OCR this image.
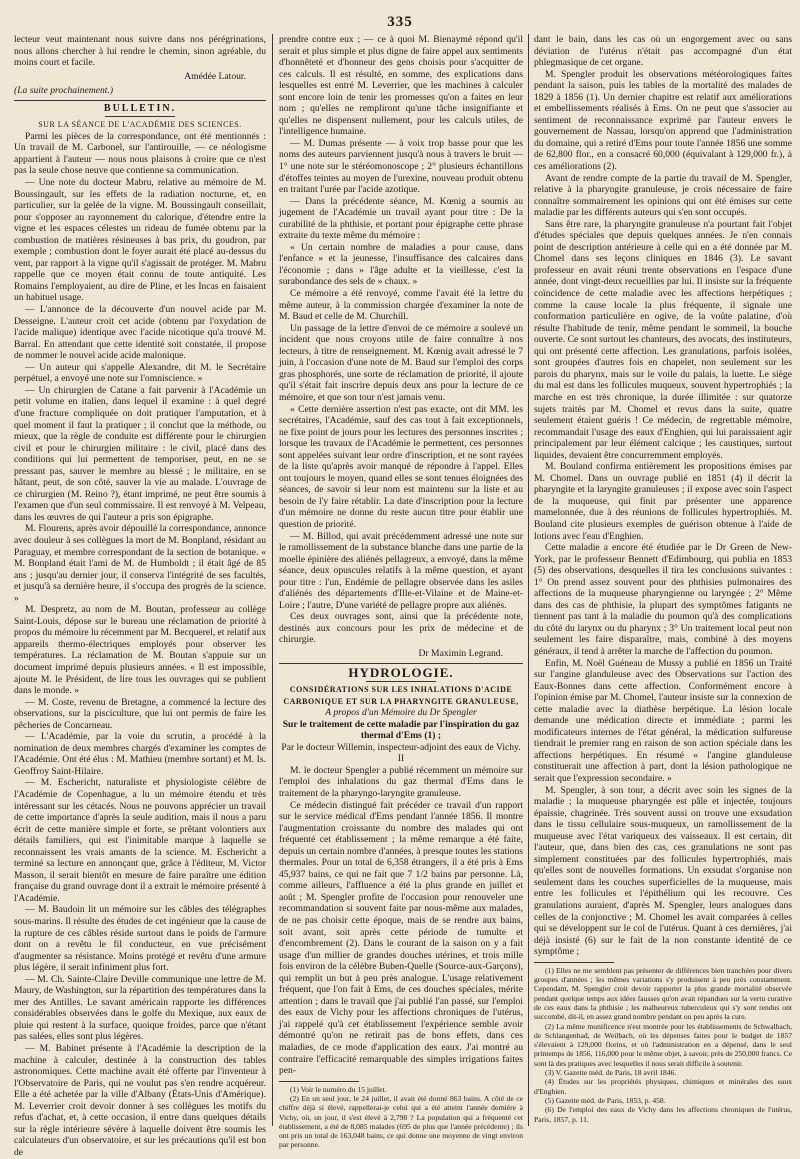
335

lecteur veut maintenant nous suivre dans nos pérégrinations, nous allons chercher à lui rendre le chemin, sinon agréable, du moins court et facile.

Amédée Latour.

(La suite prochainement.)

BULLETIN.

SUR LA SÉANCE DE L'ACADÉMIE DES SCIENCES.

Parmi les pièces de la correspondance, ont été mentionnés : Un travail de M. Carbonel, sur l'antirouille, — ce néologisme appartient à l'auteur — nous nous plaisons à croire que ce n'est pas la seule chose neuve que contienne sa communication.

— Une note du docteur Mabru, relative au mémoire de M. Boussingault, sur les effets de la radiation nocturne, et, en particulier, sur la gelée de la vigne. M. Boussingault conseillait, pour s'opposer au rayonnement du calorique, d'étendre entre la vigne et les espaces célestes un rideau de fumée obtenu par la combustion de matières résineuses à bas prix, du goudron, par exemple ; combustion dont le foyer aurait été placé au-dessus du vent, par rapport à la vigne qu'il s'agissait de protéger. M. Mabru rappelle que ce moyen était connu de toute antiquité. Les Romains l'employaient, au dire de Pline, et les Incas en faisaient un habituel usage.

— L'annonce de la découverte d'un nouvel acide par M. Desseigne. L'auteur croit cet acide (obtenu par l'oxydation de l'acide malique) identique avec l'acide nicotique qu'a trouvé M. Barral. En attendant que cette identité soit constatée, il propose de nommer le nouvel acide acide malonique.

— Un auteur qui s'appelle Alexandre, dit M. le Secrétaire perpétuel, a envoyé une note sur l'omniscience. »

— Un chirurgien de Catane a fait parvenir à l'Académie un petit volume en italien, dans lequel il examine : à quel degré d'une fracture compliquée on doit pratiquer l'amputation, et à quel moment il faut la pratiquer ; il conclut que la méthode, ou mieux, que la règle de conduite est différente pour le chirurgien civil et pour le chirurgien militaire : le civil, placé dans des conditions qui lui permettent de temporiser, peut, en ne se pressant pas, sauver le membre au blessé ; le militaire, en se hâtant, peut, de son côté, sauver la vie au malade. L'ouvrage de ce chirurgien (M. Reino ?), étant imprimé, ne peut être soumis à l'examen que d'un seul commissaire. Il est renvoyé à M. Velpeau, dans les œuvres de qui l'auteur a pris son épigraphe.

M. Flourens, après avoir dépouillé la correspondance, annonce avec douleur à ses collègues la mort de M. Bonpland, résidant au Paraguay, et membre correspondant de la section de botanique. « M. Bonpland était l'ami de M. de Humboldt ; il était âgé de 85 ans ; jusqu'au dernier jour, il conserva l'intégrité de ses facultés, et jusqu'à sa dernière heure, il s'occupa des progrès de la science. »

M. Despretz, au nom de M. Boutan, professeur au collège Saint-Louis, dépose sur le bureau une réclamation de priorité à propos du mémoire lu récemment par M. Becquerel, et relatif aux appareils thermo-électriques employés pour observer les températures. La réclamation de M. Boutan s'appuie sur un document imprimé depuis plusieurs années. « Il est impossible, ajoute M. le Président, de lire tous les ouvrages qui se publient dans le monde. »

— M. Coste, revenu de Bretagne, a commencé la lecture des observations, sur la pisciculture, que lui ont permis de faire les pêcheries de Concarneau.

— L'Académie, par la voie du scrutin, a procédé à la nomination de deux membres chargés d'examiner les comptes de l'Académie. Ont été élus : M. Mathieu (membre sortant) et M. Is. Geoffroy Saint-Hilaire.

— M. Eschericht, naturaliste et physiologiste célèbre de l'Académie de Copenhague, a lu un mémoire étendu et très intéressant sur les cétacés. Nous ne pouvons apprécier un travail de cette importance d'après la seule audition, mais il nous a paru écrit de cette manière simple et forte, se prêtant volontiers aux détails familiers, qui est l'inimitable marque à laquelle se reconnaissent les vrais amants de la science. M. Eschericht a terminé sa lecture en annonçant que, grâce à l'éditeur, M. Victor Masson, il serait bientôt en mesure de faire paraître une édition française du grand ouvrage dont il a extrait le mémoire présenté à l'Académie.

— M. Baudoin lit un mémoire sur les câbles des télégraphes sous-marins. Il résulte des études de cet ingénieur que la cause de la rupture de ces câbles réside surtout dans le poids de l'armure dont on a revêtu le fil conducteur, en vue précisément d'augmenter sa résistance. Moins protégé et revêtu d'une armure plus légère, il serait infiniment plus fort.

— M. Ch. Sainte-Claire Deville communique une lettre de M. Maury, de Washington, sur la répartition des températures dans la mer des Antilles. Le savant américain rapporte les différences considérables observées dans le golfe du Mexique, aux eaux de pluie qui restent à la surface, quoique froides, parce que n'étant pas salées, elles sont plus légères.

— M. Babinet présente à l'Académie la description de la machine à calculer, destinée à la construction des tables astronomiques. Cette machine avait été offerte par l'inventeur à l'Observatoire de Paris, qui ne voulut pas s'en rendre acquéreur. Elle a été achetée par la ville d'Albany (États-Unis d'Amérique). M. Leverrier croit devoir donner à ses collègues les motifs du refus d'achat, et, à cette occasion, il entre dans quelques détails sur la règle intérieure sévère à laquelle doivent être soumis les calculateurs d'un observatoire, et sur les précautions qu'il est bon de

prendre contre eux ; — ce à quoi M. Bienaymé répond qu'il serait et plus simple et plus digne de faire appel aux sentiments d'honnêteté et d'honneur des gens choisis pour s'acquitter de ces calculs. Il est résulté, en somme, des explications dans lesquelles est entré M. Leverrier, que les machines à calculer sont encore loin de tenir les promesses qu'on a faites en leur nom ; qu'elles ne rempliront qu'une tâche insignifiante et qu'elles ne dispensent nullement, pour les calculs utiles, de l'intelligence humaine.

— M. Dumas présente — à voix trop basse pour que les noms des auteurs parviennent jusqu'à nous à travers le bruit — 1° une note sur le stéréomonoscope ; 2° plusieurs échantillons d'étoffes teintes au moyen de l'urexine, nouveau produit obtenu en traitant l'urée par l'acide azotique.

— Dans la précédente séance, M. Kœnig a soumis au jugement de l'Académie un travail ayant pour titre : De la curabilité de la phthisie, et portant pour épigraphe cette phrase extraite du texte même du mémoire :

« Un certain nombre de maladies a pour cause, dans l'enfance » et la jeunesse, l'insuffisance des calcaires dans l'économie ; dans » l'âge adulte et la vieillesse, c'est la surabondance des sels de » chaux. »

Ce mémoire a été renvoyé, comme l'avait été la lettre du même auteur, à la commission chargée d'examiner la note de M. Baud et celle de M. Churchill.

Un passage de la lettre d'envoi de ce mémoire a soulevé un incident que nous croyons utile de faire connaître à nos lecteurs, à titre de renseignement. M. Kœnig avait adressé le 7 juin, à l'occasion d'une note de M. Baud sur l'emploi des corps gras phosphorés, une sorte de réclamation de priorité, il ajoute qu'il s'était fait inscrire depuis deux ans pour la lecture de ce mémoire, et que son tour n'est jamais venu.

« Cette dernière assertion n'est pas exacte, ont dit MM. les secrétaires, l'Académie, sauf des cas tout à fait exceptionnels, ne fixe point de jours pour les lectures des personnes inscrites ; lorsque les travaux de l'Académie le permettent, ces personnes sont appelées suivant leur ordre d'inscription, et ne sont rayées de la liste qu'après avoir manqué de répondre à l'appel. Elles ont toujours le moyen, quand elles se sont tenues éloignées des séances, de savoir si leur nom est maintenu sur la liste et au besoin de l'y faire rétablir. La date d'inscription pour la lecture d'un mémoire ne donne du reste aucun titre pour établir une question de priorité.

— M. Billod, qui avait précédemment adressé une note sur le ramollissement de la substance blanche dans une partie de la moelle épinière des aliénés pellagreux, a envoyé, dans la même séance, deux opuscules relatifs à la même question, et ayant pour titre : l'un, Endémie de pellagre observée dans les asiles d'aliénés des départements d'Ille-et-Vilaine et de Maine-et-Loire ; l'autre, D'une variété de pellagre propre aux aliénés.

Ces deux ouvrages sont, ainsi que la précédente note, destinés aux concours pour les prix de médecine et de chirurgie.

Dr Maximin Legrand.

HYDROLOGIE.

CONSIDÉRATIONS SUR LES INHALATIONS D'ACIDE CARBONIQUE ET SUR LA PHARYNGITE GRANULEUSE,

A propos d'un Mémoire du Dr Spengler

Sur le traitement de cette maladie par l'inspiration du gaz thermal d'Ems (1) ;

Par le docteur Willemin, inspecteur-adjoint des eaux de Vichy.

II

M. le docteur Spengler a publié récemment un mémoire sur l'emploi des inhalations du gaz thermal d'Ems dans le traitement de la pharyngo-laryngite granuleuse.

Ce médecin distingué fait précéder ce travail d'un rapport sur le service médical d'Ems pendant l'année 1856. Il montre l'augmentation croissante du nombre des malades qui ont fréquenté cet établissement ; la même remarque a été faite, depuis un certain nombre d'années, à presque toutes les stations thermales. Pour un total de 6,358 étrangers, il a été pris à Ems 45,937 bains, ce qui ne fait que 7 1/2 bains par personne. Là, comme ailleurs, l'affluence a été la plus grande en juillet et août ; M. Spengler profite de l'occasion pour renouveler une recommandation si souvent faite par nous-même aux malades, de ne pas choisir cette époque, mais de se rendre aux bains, soit avant, soit après cette période de tumulte et d'encombrement (2). Dans le courant de la saison on y a fait usage d'un millier de grandes douches utérines, et trois mille fois environ de la célèbre Buben-Quelle (Source-aux-Garçons), qui remplit un but à peu près analogue. L'usage relativement fréquent, que l'on fait à Ems, de ces douches spéciales, mérite attention ; dans le travail que j'ai publié l'an passé, sur l'emploi des eaux de Vichy pour les affections chroniques de l'utérus, j'ai rappelé qu'à cet établissement l'expérience semble avoir démontré qu'on ne retirait pas de bons effets, dans ces maladies, de ce mode d'application des eaux. J'ai montré au contraire l'efficacité remarquable des simples irrigations faites pen-

(1) Voir le numéro du 15 juillet.

(2) En un seul jour, le 24 juillet, il avait été donné 863 bains. A côté de ce chiffre déjà si élevé, rappellerai-je celui qui a été atteint l'année dernière à Vichy, où, un jour, il s'est élevé à 2,798 ? La population qui a fréquenté cet établissement, a été de 8,085 malades (695 de plus que l'année précédente) ; ils ont pris un total de 163,048 bains, ce qui donne une moyenne de vingt environ par personne.

dant le bain, dans les cas où un engorgement avec ou sans déviation de l'utérus n'était pas accompagné d'un état phlegmasique de cet organe.

M. Spengler produit les observations météorologiques faites pendant la saison, puis les tables de la mortalité des malades de 1829 à 1856 (1). Un dernier chapitre est relatif aux améliorations et embellissements réalisés à Ems. On ne peut que s'associer au sentiment de reconnaissance exprimé par l'auteur envers le gouvernement de Nassau, lorsqu'on apprend que l'administration du domaine, qui a retiré d'Ems pour toute l'année 1856 une somme de 62,800 flor., en a consacré 60,000 (équivalant à 129,000 fr.), à ces améliorations (2).

Avant de rendre compte de la partie du travail de M. Spengler, relative à la pharyngite granuleuse, je crois nécessaire de faire connaître sommairement les opinions qui ont été émises sur cette maladie par les différents auteurs qui s'en sont occupés.

Sans être rare, la pharyngite granuleuse n'a pourtant fait l'objet d'études spéciales que depuis quelques années. Je n'en connais point de description antérieure à celle qui en a été donnée par M. Chomel dans ses leçons cliniques en 1846 (3). Le savant professeur en avait réuni trente observations en l'espace d'une année, dont vingt-deux recueillies par lui. Il insiste sur la fréquente coïncidence de cette maladie avec les affections herpétiques ; comme la cause locale la plus fréquente, il signale une conformation particulière en ogive, de la voûte palatine, d'où résulte l'habitude de tenir, même pendant le sommeil, la bouche ouverte. Ce sont surtout les chanteurs, des avocats, des instituteurs, qui ont présenté cette affection. Les granulations, parfois isolées, sont groupées d'autres fois en chapelet, non seulement sur les parois du pharynx, mais sur le voile du palais, la luette. Le siège du mal est dans les follicules muqueux, souvent hypertrophiés ; la marche en est très chronique, la durée illimitée : sur quatorze sujets traités par M. Chomel et revus dans la suite, quatre seulement étaient guéris ! Ce médecin, de regrettable mémoire, recommandait l'usage des eaux d'Enghien, qui lui paraissaient agir principalement par leur élément calcique ; les caustiques, surtout liquides, devaient être concurremment employés.

M. Bouland confirma entièrement les propositions émises par M. Chomel. Dans un ouvrage publié en 1851 (4) il décrit la pharyngite et la laryngite granuleuses ; il expose avec soin l'aspect de la muqueuse, qui finit par présenter une apparence mamelonnée, due à des réunions de follicules hypertrophiés. M. Bouland cite plusieurs exemples de guérison obtenue à l'aide de lotions avec l'eau d'Enghien.

Cette maladie a encore été étudiée par le Dr Green de New-York, par le professeur Bennett d'Edimbourg, qui publia en 1853 (5) des observations, desquelles il tira les conclusions suivantes : 1° On prend assez souvent pour des phthisies pulmonaires des affections de la muqueuse pharyngienne ou laryngée ; 2° Même dans des cas de phthisie, la plupart des symptômes fatigants ne tiennent pas tant à la maladie du poumon qu'à des complications du côté du larynx ou du pharynx ; 3° Un traitement local peut non seulement les faire disparaître, mais, combiné à des moyens généraux, il tend à arrêter la marche de l'affection du poumon.

Enfin, M. Noël Guéneau de Mussy a publié en 1856 un Traité sur l'angine glanduleuse avec des Observations sur l'action des Eaux-Bonnes dans cette affection. Conformément encore à l'opinion émise par M. Chomel, l'auteur insiste sur la connexion de cette maladie avec la diathèse herpétique. La lésion locale demande une médication directe et immédiate ; parmi les modificateurs internes de l'état général, la médication sulfureuse tiendrait le premier rang en raison de son action spéciale dans les affections herpétiques. En résumé « l'angine glanduleuse constituerait une affection à part, dont la lésion pathologique ne serait que l'expression secondaire. »

M. Spengler, à son tour, a décrit avec soin les signes de la maladie ; la muqueuse pharyngée est pâle et injectée, toujours épaissie, chagrinée. Très souvent aussi on trouve une exsudation dans le tissu cellulaire sous-muqueux, un ramollissement de la muqueuse avec l'état variqueux des vaisseaux. Il est certain, dit l'auteur, que, dans bien des cas, ces granulations ne sont pas simplement constituées par des follicules hypertrophiés, mais qu'elles sont de nouvelles formations. Un exsudat s'organise non seulement dans les couches superficielles de la muqueuse, mais entre les follicules et l'épithélium qui les recouvre. Ces granulations auraient, d'après M. Spengler, leurs analogues dans celles de la conjonctive ; M. Chomel les avait comparées à celles qui se développent sur le col de l'utérus. Quant à ces dernières, j'ai déjà insisté (6) sur le fait de la non constante identité de ce symptôme ;

(1) Elles ne me semblent pas présenter de différences bien tranchées pour divers groupes d'années ; les mêmes variations s'y produisent à peu près constamment. Cependant, M. Spengler croit devoir rapporter la plus grande mortalité observée pendant quelque temps aux idées fausses qu'on avait répandues sur la vertu curative de ces eaux dans la phthisie ; les malheureux tuberculeux qui s'y sont rendus ont succombé, dit-il, en assez grand nombre pendant ou peu après la cure.

(2) La même munificence n'est montrée pour les établissements de Schwalbach, de Schlangenbad, de Weilbach, où les dépenses faites pour le budget de 1857 s'élevaient à 129,000 florins, et où l'administration en a dépensé, dans le seul printemps de 1856, 116,000 pour le même objet, à savoir, près de 250,000 francs. Ce sont là des pratiques avec lesquelles il nous serait difficile à soutenir.

(3) V. Gazette méd. de Paris, 18 avril 1846.

(4) Études sur les propriétés physiques, chimiques et minérales des eaux d'Enghien.

(5) Gazette méd. de Paris, 1853, p. 458.

(6) De l'emploi des eaux de Vichy dans les affections chroniques de l'utérus, Paris, 1857, p. 11.
